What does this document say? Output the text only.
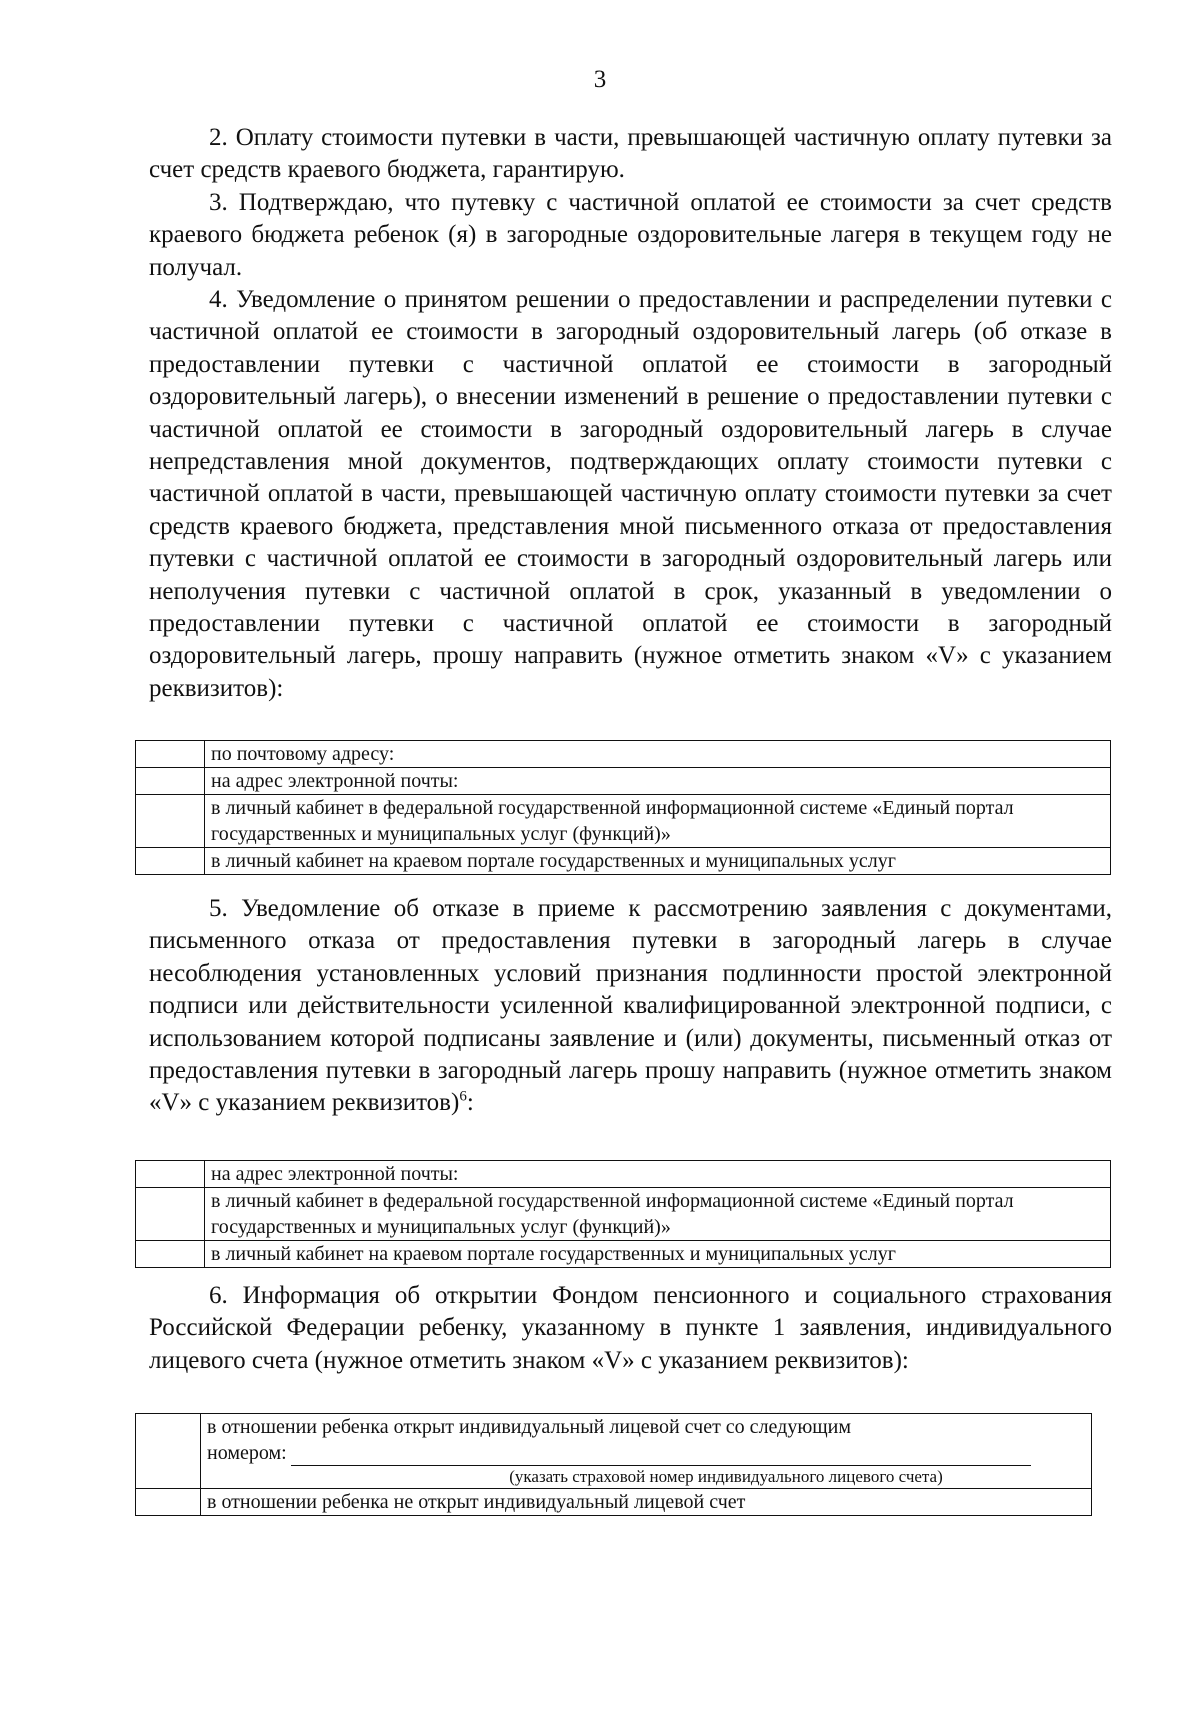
3

2. Оплату стоимости путевки в части, превышающей частичную оплату путевки за счет средств краевого бюджета, гарантирую.

3. Подтверждаю, что путевку с частичной оплатой ее стоимости за счет средств краевого бюджета ребенок (я) в загородные оздоровительные лагеря в текущем году не получал.

4. Уведомление о принятом решении о предоставлении и распределении путевки с частичной оплатой ее стоимости в загородный оздоровительный лагерь (об отказе в предоставлении путевки с частичной оплатой ее стоимости в загородный оздоровительный лагерь), о внесении изменений в решение о предоставлении путевки с частичной оплатой ее стоимости в загородный оздоровительный лагерь в случае непредставления мной документов, подтверждающих оплату стоимости путевки с частичной оплатой в части, превышающей частичную оплату стоимости путевки за счет средств краевого бюджета, представления мной письменного отказа от предоставления путевки с частичной оплатой ее стоимости в загородный оздоровительный лагерь или неполучения путевки с частичной оплатой в срок, указанный в уведомлении о предоставлении путевки с частичной оплатой ее стоимости в загородный оздоровительный лагерь, прошу направить (нужное отметить знаком «V» с указанием реквизитов):

	по почтовому адресу:
	на адрес электронной почты:
	в личный кабинет в федеральной государственной информационной системе «Единый портал государственных и муниципальных услуг (функций)»
	в личный кабинет на краевом портале государственных и муниципальных услуг

5. Уведомление об отказе в приеме к рассмотрению заявления с документами, письменного отказа от предоставления путевки в загородный лагерь в случае несоблюдения установленных условий признания подлинности простой электронной подписи или действительности усиленной квалифицированной электронной подписи, с использованием которой подписаны заявление и (или) документы, письменный отказ от предоставления путевки в загородный лагерь прошу направить (нужное отметить знаком «V» с указанием реквизитов)$^6$:

	на адрес электронной почты:
	в личный кабинет в федеральной государственной информационной системе «Единый портал государственных и муниципальных услуг (функций)»
	в личный кабинет на краевом портале государственных и муниципальных услуг

6. Информация об открытии Фондом пенсионного и социального страхования Российской Федерации ребенку, указанному в пункте 1 заявления, индивидуального лицевого счета (нужное отметить знаком «V» с указанием реквизитов):

	в отношении ребенка открыт индивидуальный лицевой счет со следующим
номером:
(указать страховой номер индивидуального лицевого счета)

	в отношении ребенка не открыт индивидуальный лицевой счет
